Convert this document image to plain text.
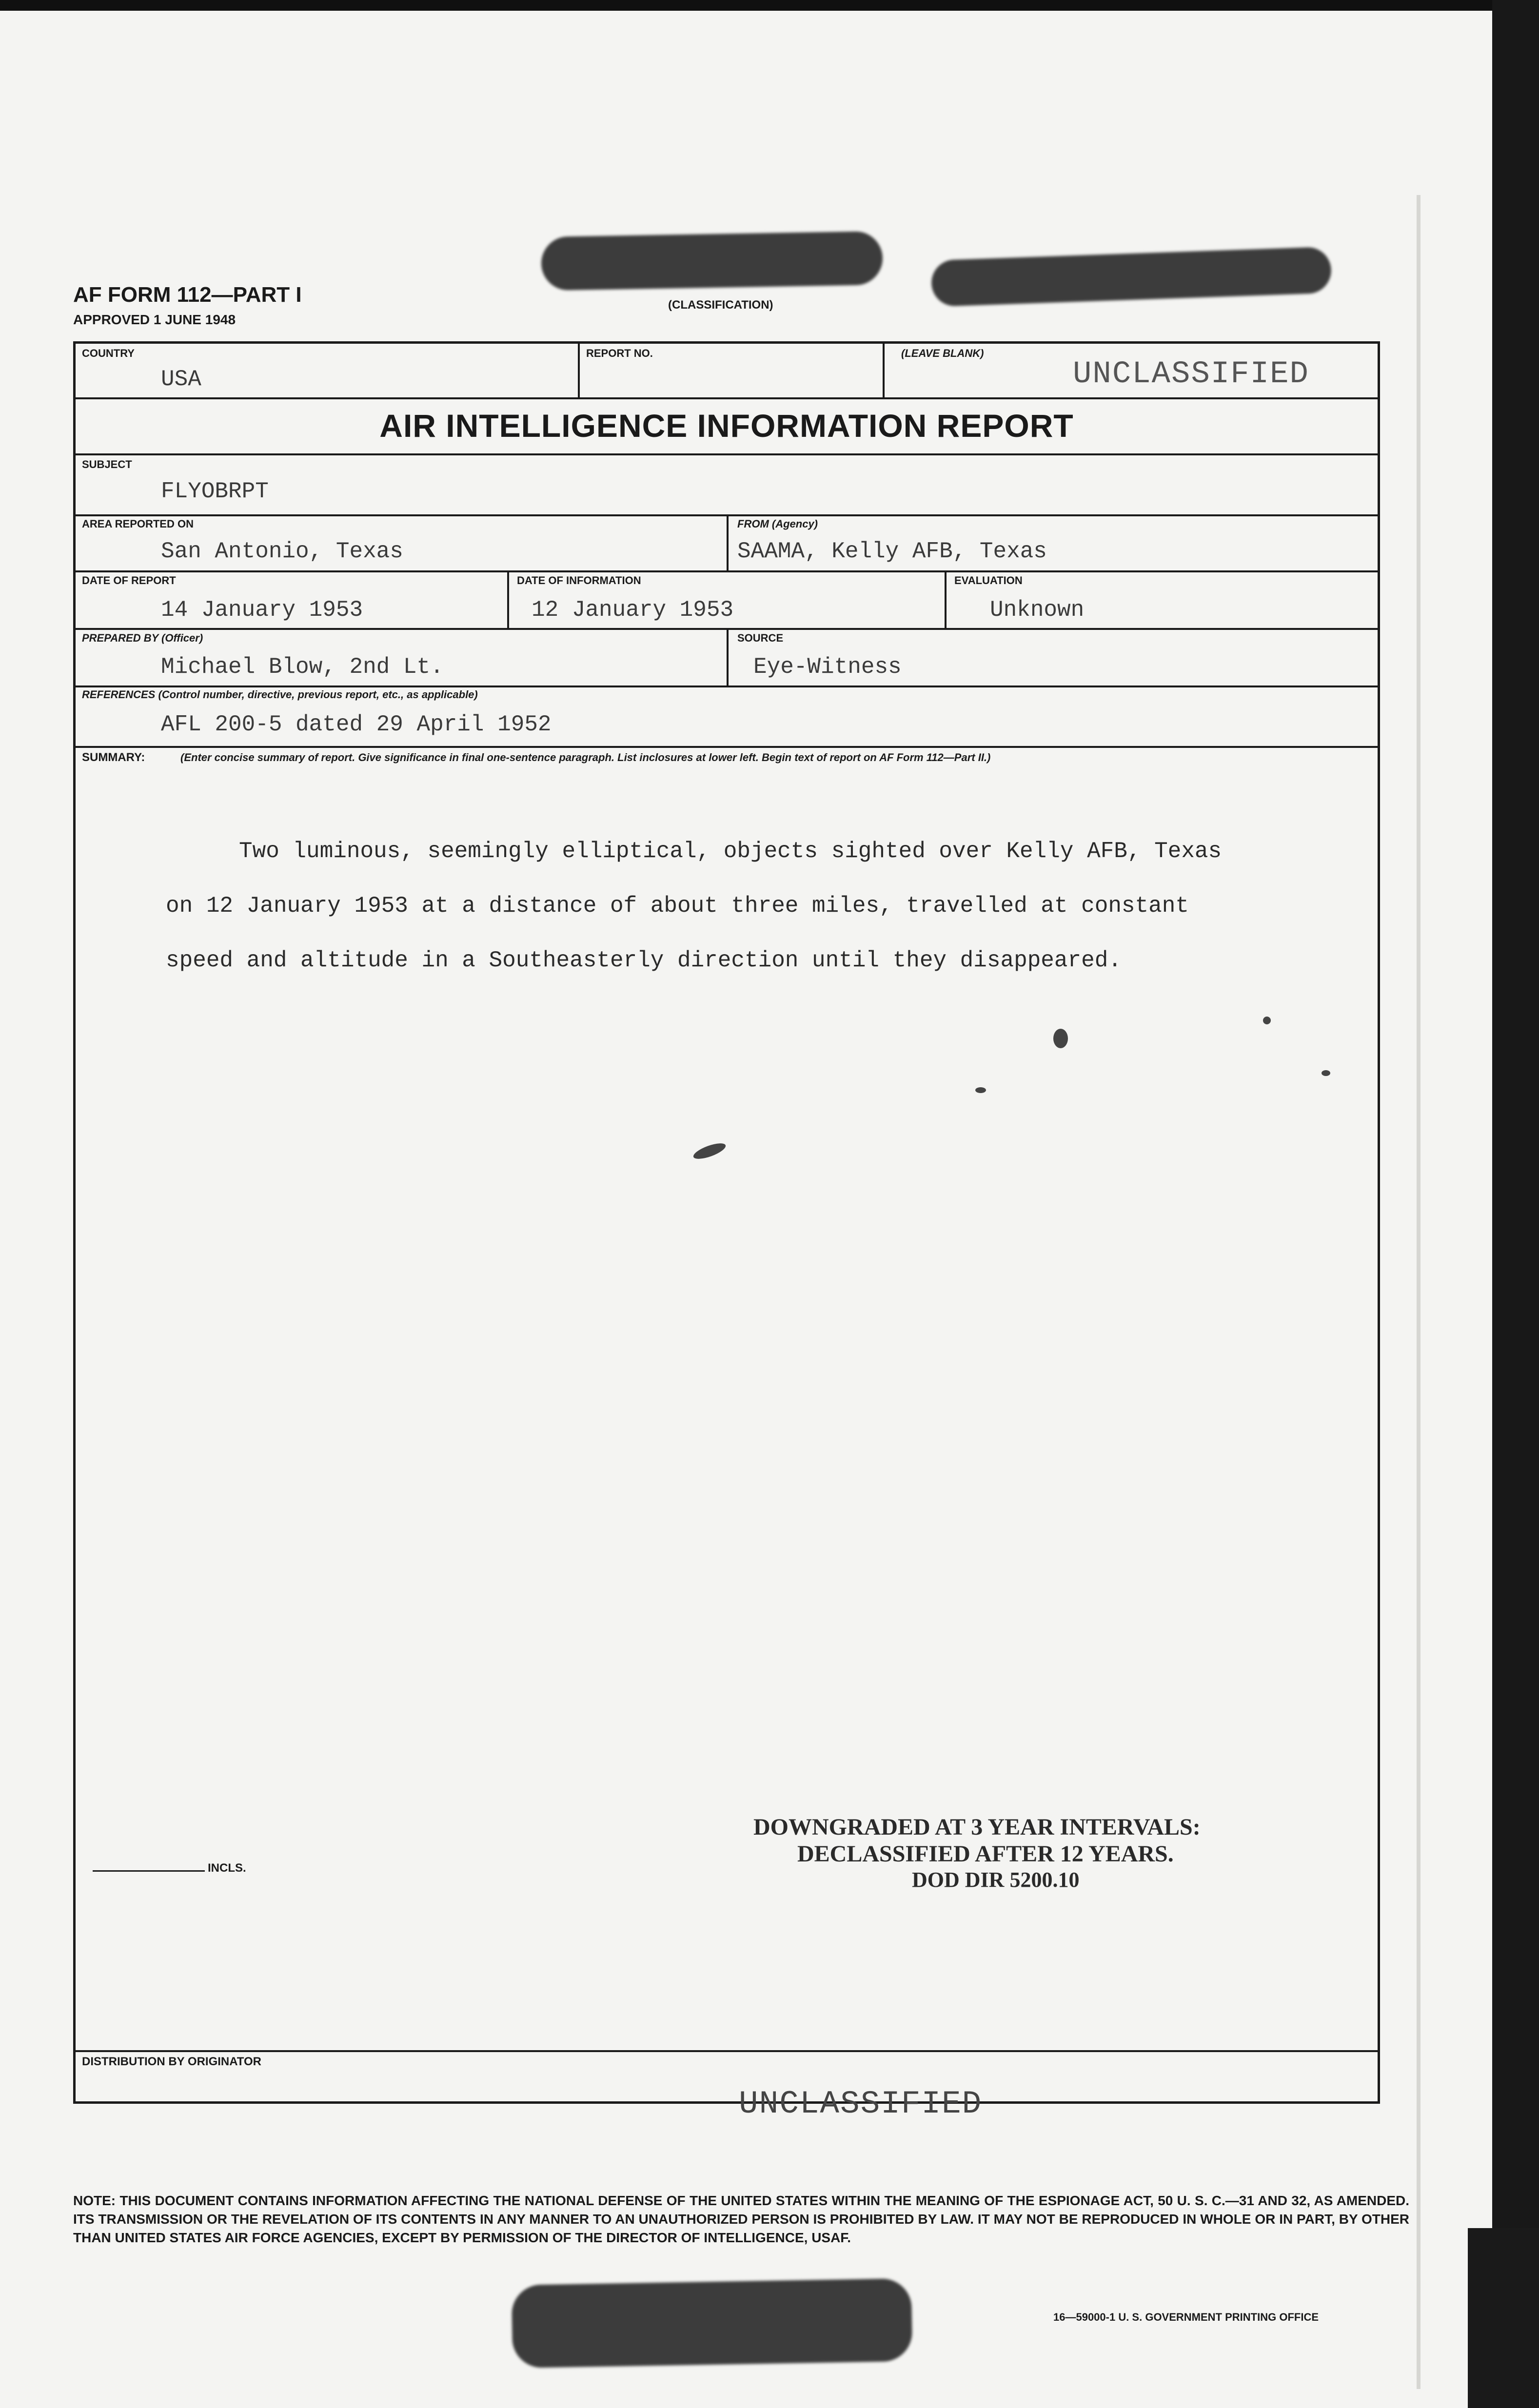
AF FORM 112—PART I
APPROVED 1 JUNE 1948
(CLASSIFICATION)
COUNTRY
USA
REPORT NO.	(LEAVE BLANK)
UNCLASSIFIED
AIR INTELLIGENCE INFORMATION REPORT
SUBJECT
FLYOBRPT
AREA REPORTED ON
San Antonio, Texas
FROM (Agency)
SAAMA, Kelly AFB, Texas
DATE OF REPORT
14 January 1953
DATE OF INFORMATION
12 January 1953
EVALUATION
Unknown
PREPARED BY (Officer)
Michael Blow, 2nd Lt.
SOURCE
Eye-Witness
REFERENCES (Control number, directive, previous report, etc., as applicable)
AFL 200-5 dated 29 April 1952
SUMMARY:	(Enter concise summary of report. Give significance in final one-sentence paragraph. List inclosures at lower left. Begin text of report on AF Form 112—Part II.)
Two luminous, seemingly elliptical, objects sighted over Kelly AFB, Texas
on 12 January 1953 at a distance of about three miles, travelled at constant
speed and altitude in a Southeasterly direction until they disappeared.
DOWNGRADED AT 3 YEAR INTERVALS:
DECLASSIFIED AFTER 12 YEARS.
DOD DIR 5200.10
INCLS.
DISTRIBUTION BY ORIGINATOR
UNCLASSIFIED
NOTE: THIS DOCUMENT CONTAINS INFORMATION AFFECTING THE NATIONAL DEFENSE OF THE UNITED STATES WITHIN THE MEANING OF THE ESPIONAGE ACT, 50 U. S. C.—31 AND 32, AS AMENDED. ITS TRANSMISSION OR THE REVELATION OF ITS CONTENTS IN ANY MANNER TO AN UNAUTHORIZED PERSON IS PROHIBITED BY LAW. IT MAY NOT BE REPRODUCED IN WHOLE OR IN PART, BY OTHER THAN UNITED STATES AIR FORCE AGENCIES, EXCEPT BY PERMISSION OF THE DIRECTOR OF INTELLIGENCE, USAF.
16—59000-1 U. S. GOVERNMENT PRINTING OFFICE
